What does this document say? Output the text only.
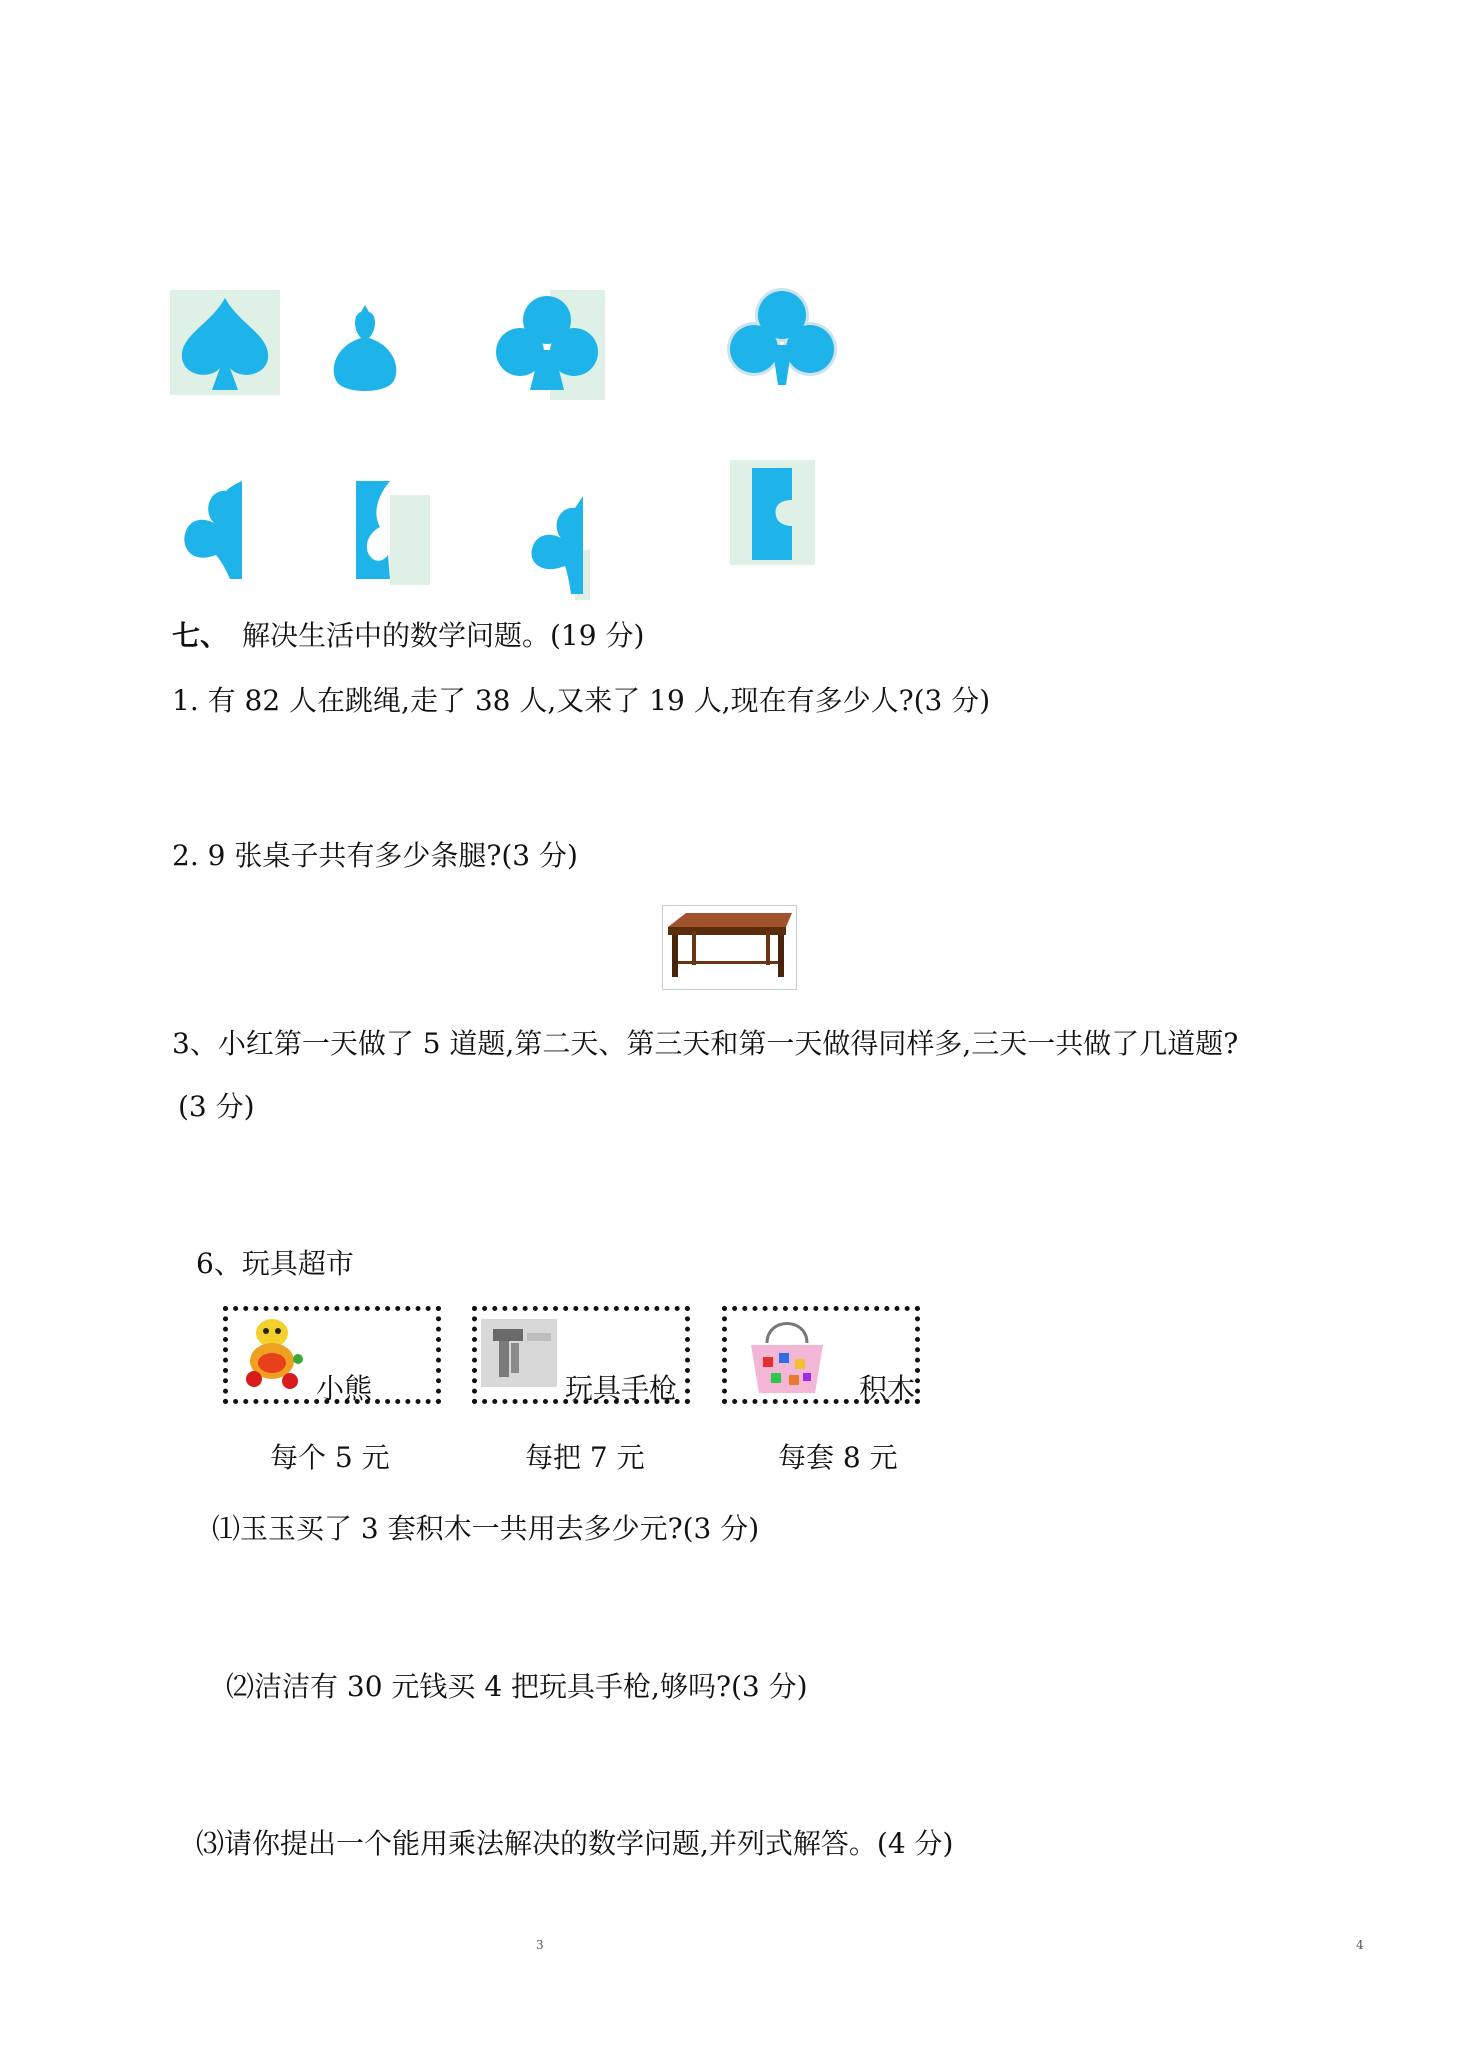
七、 解决生活中的数学问题。(19 分)
1. 有 82 人在跳绳,走了 38 人,又来了 19 人,现在有多少人?(3 分)
2. 9 张桌子共有多少条腿?(3 分)
3、小红第一天做了 5 道题,第二天、第三天和第一天做得同样多,三天一共做了几道题?
(3 分)
6、玩具超市
小熊	玩具手枪	积木
每个 5 元	每把 7 元	每套 8 元
⑴玉玉买了 3 套积木一共用去多少元?(3 分)
⑵洁洁有 30 元钱买 4 把玩具手枪,够吗?(3 分)
⑶请你提出一个能用乘法解决的数学问题,并列式解答。(4 分)
3	4
